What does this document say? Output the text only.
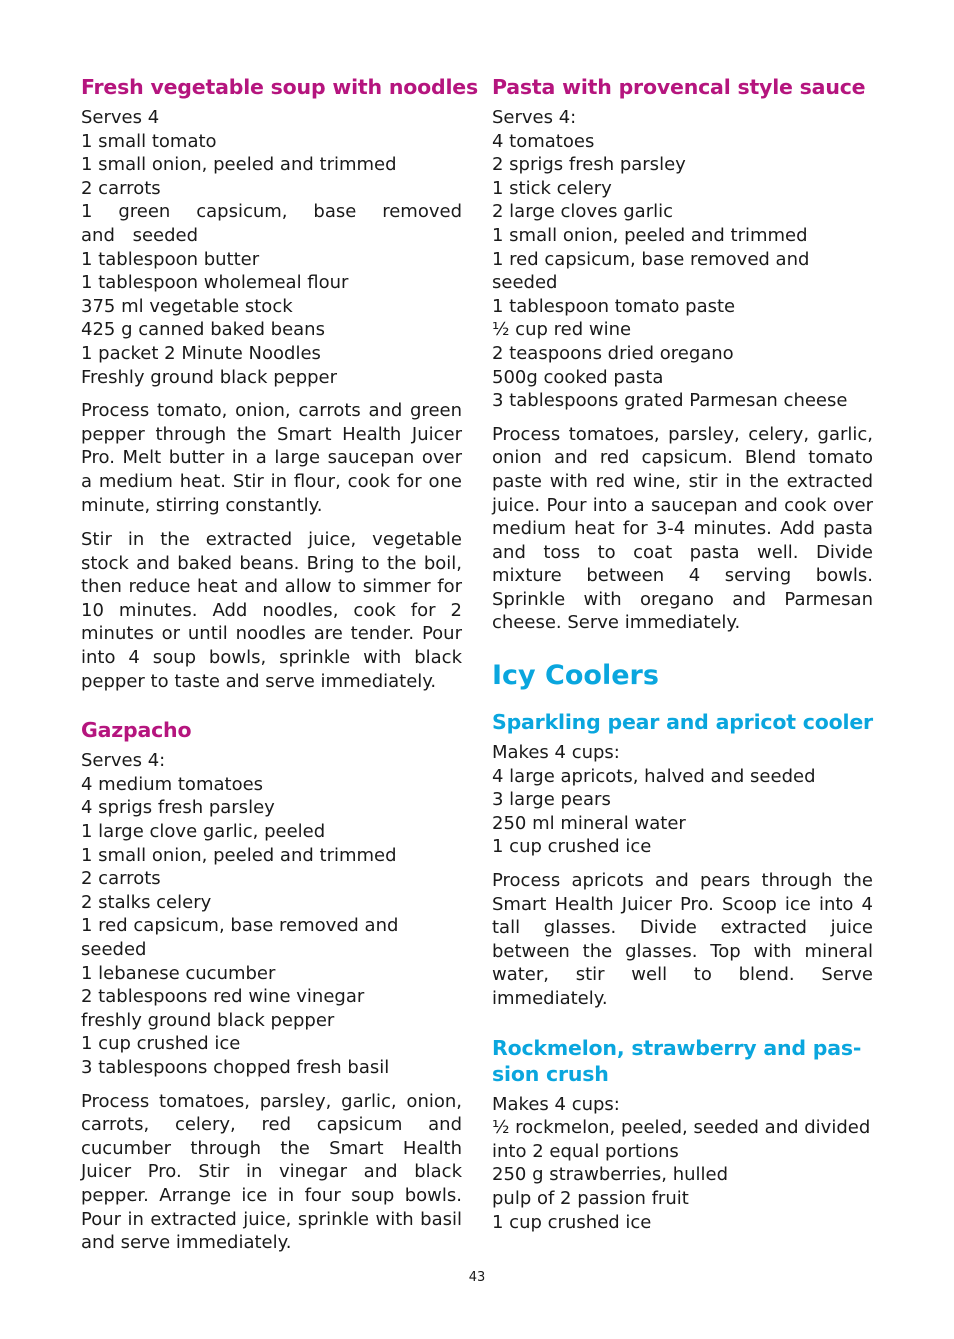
Fresh vegetable soup with noodles
Serves 4
1 small tomato
1 small onion, peeled and trimmed
2 carrots
1 green capsicum, base removed and seeded
1 tablespoon butter
1 tablespoon wholemeal flour
375 ml vegetable stock
425 g canned baked beans
1 packet 2 Minute Noodles
Freshly ground black pepper

Process tomato, onion, carrots and green pepper through the Smart Health Juicer Pro. Melt butter in a large saucepan over a medium heat. Stir in flour, cook for one minute, stirring constantly.

Stir in the extracted juice, vegetable stock and baked beans. Bring to the boil, then reduce heat and allow to simmer for 10 minutes. Add noodles, cook for 2 minutes or until noodles are tender. Pour into 4 soup bowls, sprinkle with black pepper to taste and serve immediately.

Gazpacho
Serves 4:
4 medium tomatoes
4 sprigs fresh parsley
1 large clove garlic, peeled
1 small onion, peeled and trimmed
2 carrots
2 stalks celery
1 red capsicum, base removed and seeded
1 lebanese cucumber
2 tablespoons red wine vinegar
freshly ground black pepper
1 cup crushed ice
3 tablespoons chopped fresh basil

Process tomatoes, parsley, garlic, onion, carrots, celery, red capsicum and cucumber through the Smart Health Juicer Pro. Stir in vinegar and black pepper. Arrange ice in four soup bowls. Pour in extracted juice, sprinkle with basil and serve immediately.

Pasta with provencal style sauce
Serves 4:
4 tomatoes
2 sprigs fresh parsley
1 stick celery
2 large cloves garlic
1 small onion, peeled and trimmed
1 red capsicum, base removed and seeded
1 tablespoon tomato paste
½ cup red wine
2 teaspoons dried oregano
500g cooked pasta
3 tablespoons grated Parmesan cheese

Process tomatoes, parsley, celery, garlic, onion and red capsicum. Blend tomato paste with red wine, stir in the extracted juice. Pour into a saucepan and cook over medium heat for 3-4 minutes. Add pasta and toss to coat pasta well. Divide mixture between 4 serving bowls. Sprinkle with oregano and Parmesan cheese. Serve immediately.

Icy Coolers
Sparkling pear and apricot cooler
Makes 4 cups:
4 large apricots, halved and seeded
3 large pears
250 ml mineral water
1 cup crushed ice

Process apricots and pears through the Smart Health Juicer Pro. Scoop ice into 4 tall glasses. Divide extracted juice between the glasses. Top with mineral water, stir well to blend. Serve immediately.

Rockmelon, strawberry and pas-sion crush
Makes 4 cups:
½ rockmelon, peeled, seeded and divided into 2 equal portions
250 g strawberries, hulled
pulp of 2 passion fruit
1 cup crushed ice
43
